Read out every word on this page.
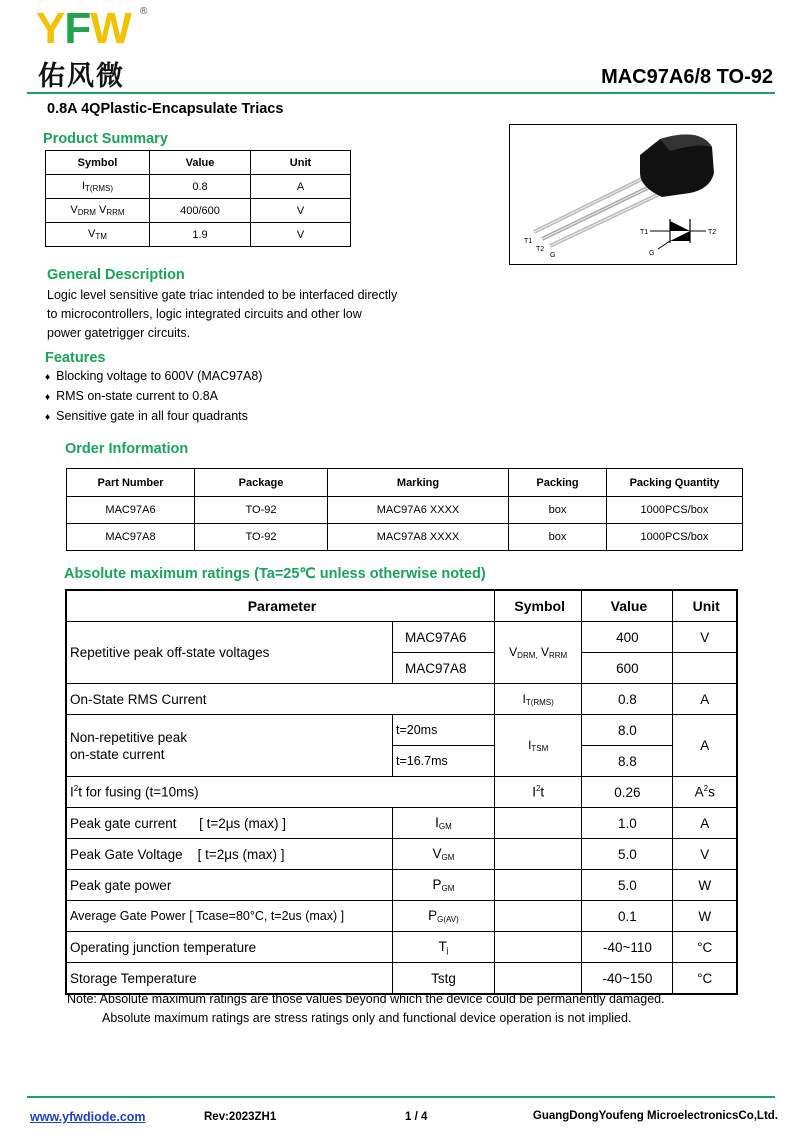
YFW ®
佑风微	MAC97A6/8 TO-92
0.8A 4QPlastic-Encapsulate Triacs
Product Summary
Symbol	Value	Unit
$I_{T(RMS)}$	0.8	A
$V_{DRM}$ $V_{RRM}$	400/600	V
$V_{TM}$	1.9	V
T1
T2
G
T1	T2
G
General Description
Logic level sensitive gate triac intended to be interfaced directly
to microcontrollers, logic integrated circuits and other low
power gatetrigger circuits.
Features
♦ Blocking voltage to 600V (MAC97A8)
♦ RMS on-state current to 0.8A
♦ Sensitive gate in all four quadrants
Order Information
Part Number	Package	Marking	Packing	Packing Quantity
MAC97A6	TO-92	MAC97A6 XXXX	box	1000PCS/box
MAC97A8	TO-92	MAC97A8 XXXX	box	1000PCS/box
Absolute maximum ratings (Ta=25℃ unless otherwise noted)
Parameter		Symbol	Value	Unit
Repetitive peak off-state voltages	MAC97A6	$V_{DRM,}$ $V_{RRM}$	400	V
	MAC97A8		600	
On-State RMS Current		$I_{T(RMS)}$	0.8	A

Non-repetitive peak
on-state current	t=20ms	$I_{TSM}$	8.0	A
	t=16.7ms		8.8	
$I^2t$ for fusing (t=10ms)		$I^2t$	0.26	$A^2s$
Peak gate current      [ t=2μs (max) ]	$I_{GM}$		1.0	A
Peak Gate Voltage    [ t=2μs (max) ]	$V_{GM}$		5.0	V
Peak gate power	$P_{GM}$		5.0	W
Average Gate Power [ Tcase=80°C, t=2us (max) ]	$P_{G(AV)}$		0.1	W
Operating junction temperature	$T_j$		-40~110	°C
Storage Temperature	Tstg		-40~150	°C
Note: Absolute maximum ratings are those values beyond which the device could be permanently damaged.
Absolute maximum ratings are stress ratings only and functional device operation is not implied.
www.yfwdiode.com	Rev:2023ZH1	1 / 4	GuangDongYoufeng MicroelectronicsCo,Ltd.
